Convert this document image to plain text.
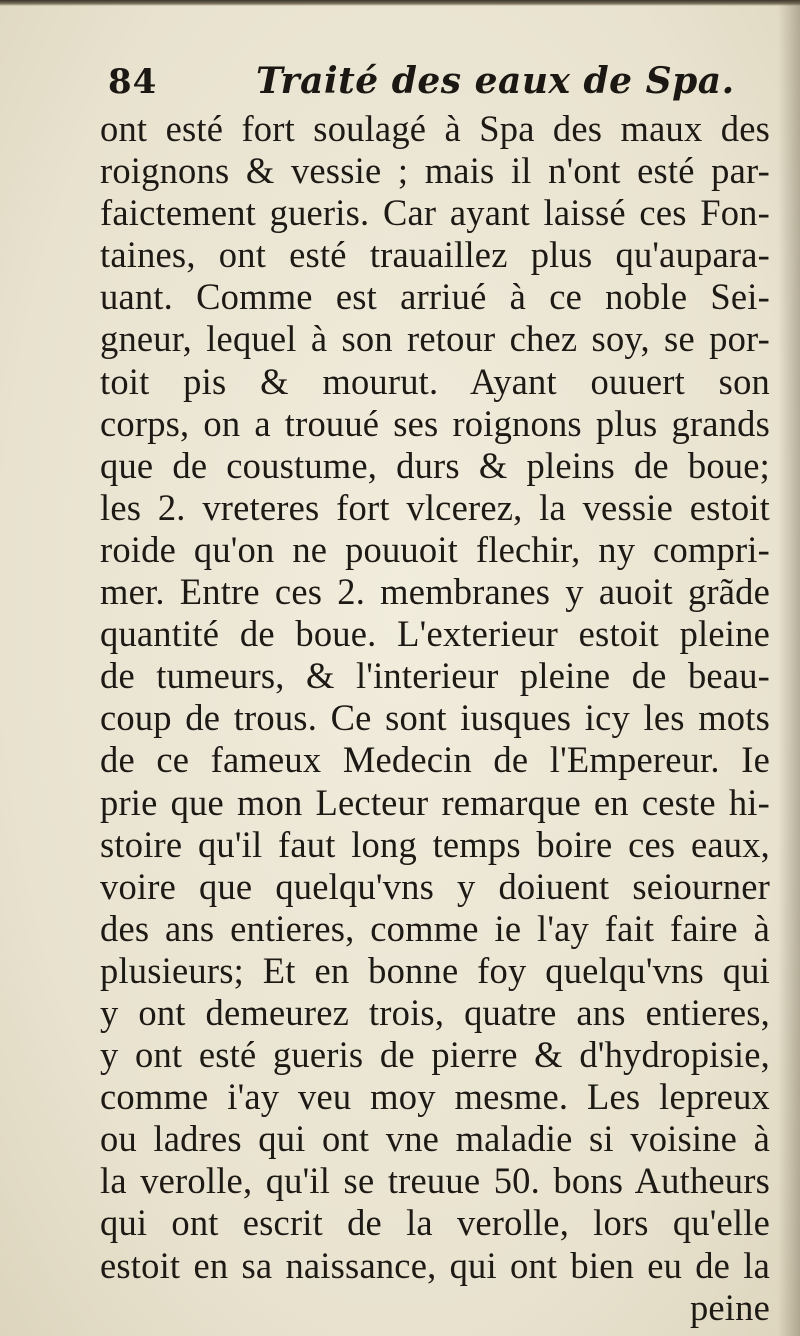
84	Traité des eaux de Spa.
ont esté fort soulagé à Spa des maux des
roignons & vessie ; mais il n'ont esté par-
faictement gueris. Car ayant laissé ces Fon-
taines, ont esté trauaillez plus qu'aupara-
uant. Comme est arriué à ce noble Sei-
gneur, lequel à son retour chez soy, se por-
toit pis & mourut. Ayant ouuert son
corps, on a trouué ses roignons plus grands
que de coustume, durs & pleins de boue;
les 2. vreteres fort vlcerez, la vessie estoit
roide qu'on ne pouuoit flechir, ny compri-
mer. Entre ces 2. membranes y auoit grãde
quantité de boue. L'exterieur estoit pleine
de tumeurs, & l'interieur pleine de beau-
coup de trous. Ce sont iusques icy les mots
de ce fameux Medecin de l'Empereur. Ie
prie que mon Lecteur remarque en ceste hi-
stoire qu'il faut long temps boire ces eaux,
voire que quelqu'vns y doiuent seiourner
des ans entieres, comme ie l'ay fait faire à
plusieurs; Et en bonne foy quelqu'vns qui
y ont demeurez trois, quatre ans entieres,
y ont esté gueris de pierre & d'hydropisie,
comme i'ay veu moy mesme. Les lepreux
ou ladres qui ont vne maladie si voisine à
la verolle, qu'il se treuue 50. bons Autheurs
qui ont escrit de la verolle, lors qu'elle
estoit en sa naissance, qui ont bien eu de la
peine
